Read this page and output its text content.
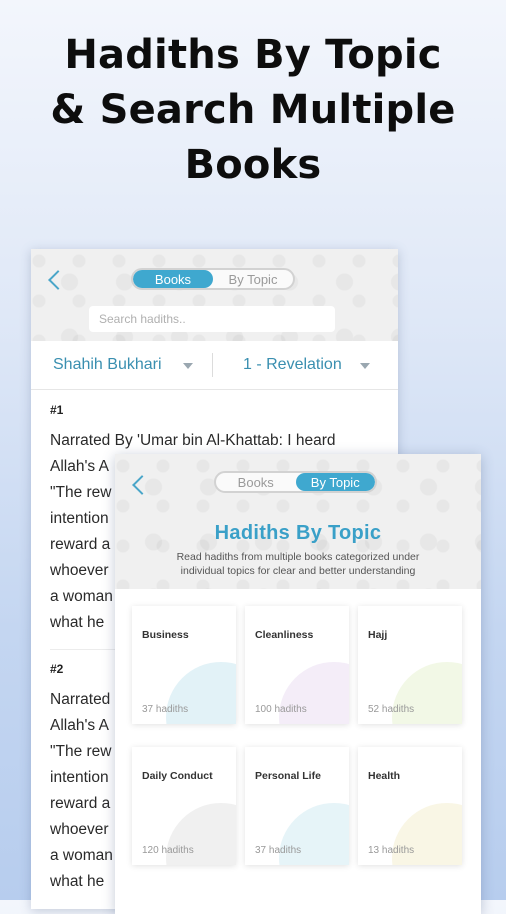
Hadiths By Topic
& Search Multiple
Books
Books	By Topic
Search hadiths..
Shahih Bukhari	1 - Revelation
#1
Narrated By 'Umar bin Al-Khattab: I heard
Allah's A
"The rew
intention
reward a
whoever
a woman
what he
#2
Narrated
Allah's A
"The rew
intention
reward a
whoever
a woman
what he
Books	By Topic
Hadiths By Topic
Read hadiths from multiple books categorized under
individual topics for clear and better understanding
Business
37 hadiths
Cleanliness
100 hadiths
Hajj
52 hadiths
Daily Conduct
120 hadiths
Personal Life
37 hadiths
Health
13 hadiths
